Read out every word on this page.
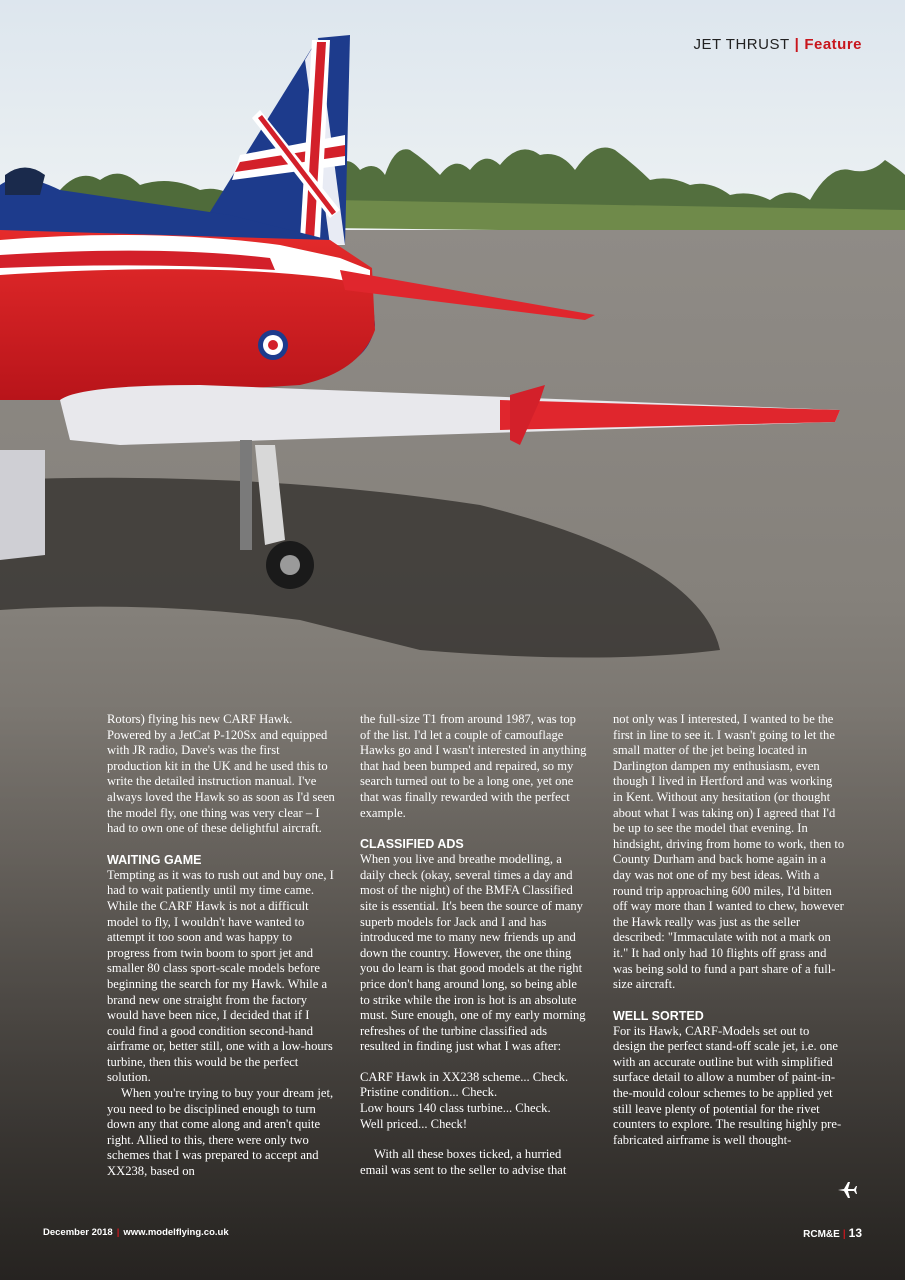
JET THRUST | Feature

Rotors) flying his new CARF Hawk. Powered by a JetCat P-120Sx and equipped with JR radio, Dave's was the first production kit in the UK and he used this to write the detailed instruction manual. I've always loved the Hawk so as soon as I'd seen the model fly, one thing was very clear – I had to own one of these delightful aircraft.

WAITING GAME

Tempting as it was to rush out and buy one, I had to wait patiently until my time came. While the CARF Hawk is not a difficult model to fly, I wouldn't have wanted to attempt it too soon and was happy to progress from twin boom to sport jet and smaller 80 class sport-scale models before beginning the search for my Hawk. While a brand new one straight from the factory would have been nice, I decided that if I could find a good condition second-hand airframe or, better still, one with a low-hours turbine, then this would be the perfect solution.

When you're trying to buy your dream jet, you need to be disciplined enough to turn down any that come along and aren't quite right. Allied to this, there were only two schemes that I was prepared to accept and XX238, based on

the full-size T1 from around 1987, was top of the list. I'd let a couple of camouflage Hawks go and I wasn't interested in anything that had been bumped and repaired, so my search turned out to be a long one, yet one that was finally rewarded with the perfect example.

CLASSIFIED ADS

When you live and breathe modelling, a daily check (okay, several times a day and most of the night) of the BMFA Classified site is essential. It's been the source of many superb models for Jack and I and has introduced me to many new friends up and down the country. However, the one thing you do learn is that good models at the right price don't hang around long, so being able to strike while the iron is hot is an absolute must. Sure enough, one of my early morning refreshes of the turbine classified ads resulted in finding just what I was after:

CARF Hawk in XX238 scheme... Check.

Pristine condition... Check.

Low hours 140 class turbine... Check.

Well priced... Check!

With all these boxes ticked, a hurried email was sent to the seller to advise that

not only was I interested, I wanted to be the first in line to see it. I wasn't going to let the small matter of the jet being located in Darlington dampen my enthusiasm, even though I lived in Hertford and was working in Kent. Without any hesitation (or thought about what I was taking on) I agreed that I'd be up to see the model that evening. In hindsight, driving from home to work, then to County Durham and back home again in a day was not one of my best ideas. With a round trip approaching 600 miles, I'd bitten off way more than I wanted to chew, however the Hawk really was just as the seller described: "Immaculate with not a mark on it." It had only had 10 flights off grass and was being sold to fund a part share of a full-size aircraft.

WELL SORTED

For its Hawk, CARF-Models set out to design the perfect stand-off scale jet, i.e. one with an accurate outline but with simplified surface detail to allow a number of paint-in-the-mould colour schemes to be applied yet still leave plenty of potential for the rivet counters to explore. The resulting highly pre-fabricated airframe is well thought-

December 2018 | www.modelflying.co.uk	RCM&E | 13
